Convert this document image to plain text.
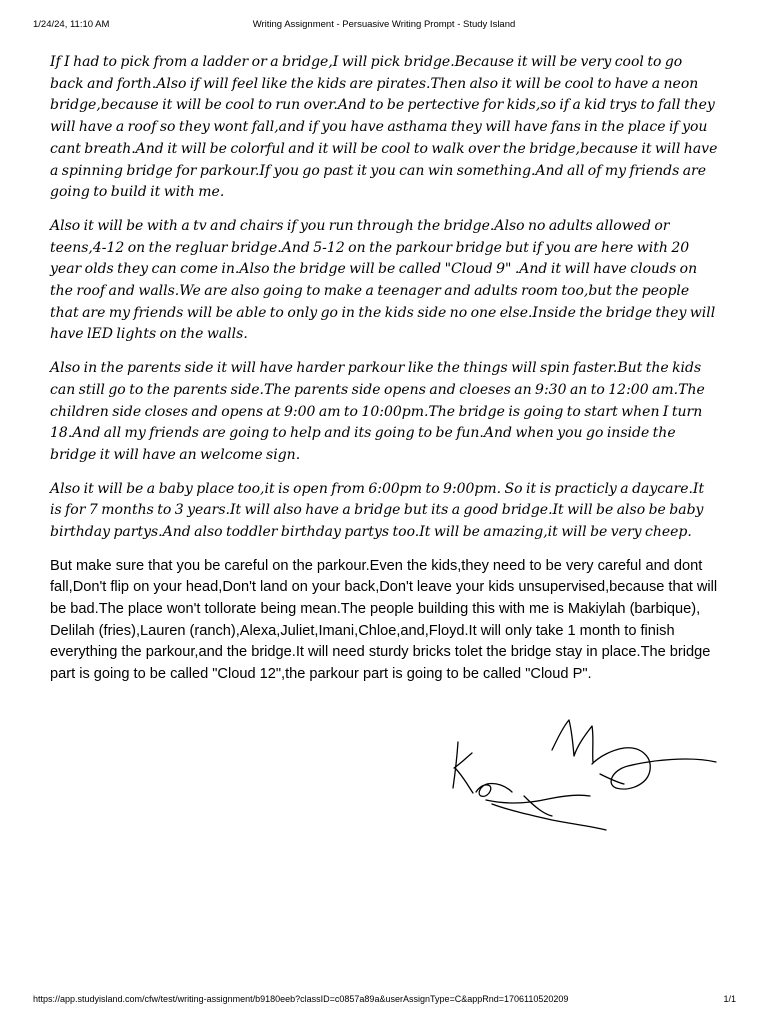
1/24/24, 11:10 AM	Writing Assignment - Persuasive Writing Prompt - Study Island

If I had to pick from a ladder or a bridge,I will pick bridge.Because it will be very cool to go back and forth.Also if will feel like the kids are pirates.Then also it will be cool to have a neon bridge,because it will be cool to run over.And to be pertective for kids,so if a kid trys to fall they will have a roof so they wont fall,and if you have asthama they will have fans in the place if you cant breath.And it will be colorful and it will be cool to walk over the bridge,because it will have a spinning bridge for parkour.If you go past it you can win something.And all of my friends are going to build it with me.

Also it will be with a tv and chairs if you run through the bridge.Also no adults allowed or teens,4-12 on the regluar bridge.And 5-12 on the parkour bridge but if you are here with 20 year olds they can come in.Also the bridge will be called "Cloud 9" .And it will have clouds on the roof and walls.We are also going to make a teenager and adults room too,but the people that are my friends will be able to only go in the kids side no one else.Inside the bridge they will have lED lights on the walls.

Also in the parents side it will have harder parkour like the things will spin faster.But the kids can still go to the parents side.The parents side opens and cloeses an 9:30 an to 12:00 am.The children side closes and opens at 9:00 am to 10:00pm.The bridge is going to start when I turn 18.And all my friends are going to help and its going to be fun.And when you go inside the bridge it will have an welcome sign.

Also it will be a baby place too,it is open from 6:00pm to 9:00pm. So it is practicly a daycare.It is for 7 months to 3 years.It will also have a bridge but its a good bridge.It will be also be baby birthday partys.And also toddler birthday partys too.It will be amazing,it will be very cheep.

But make sure that you be careful on the parkour.Even the kids,they need to be very careful and dont fall,Don't flip on your head,Don't land on your back,Don't leave your kids unsupervised,because that will be bad.The place won't tollorate being mean.The people building this with me is Makiylah (barbique), Delilah (fries),Lauren (ranch),Alexa,Juliet,Imani,Chloe,and,Floyd.It will only take 1 month to finish everything the parkour,and the bridge.It will need sturdy bricks tolet the bridge stay in place.The bridge part is going to be called "Cloud 12",the parkour part is going to be called "Cloud P".

https://app.studyisland.com/cfw/test/writing-assignment/b9180eeb?classID=c0857a89a&userAssignType=C&appRnd=1706110520209	1/1
